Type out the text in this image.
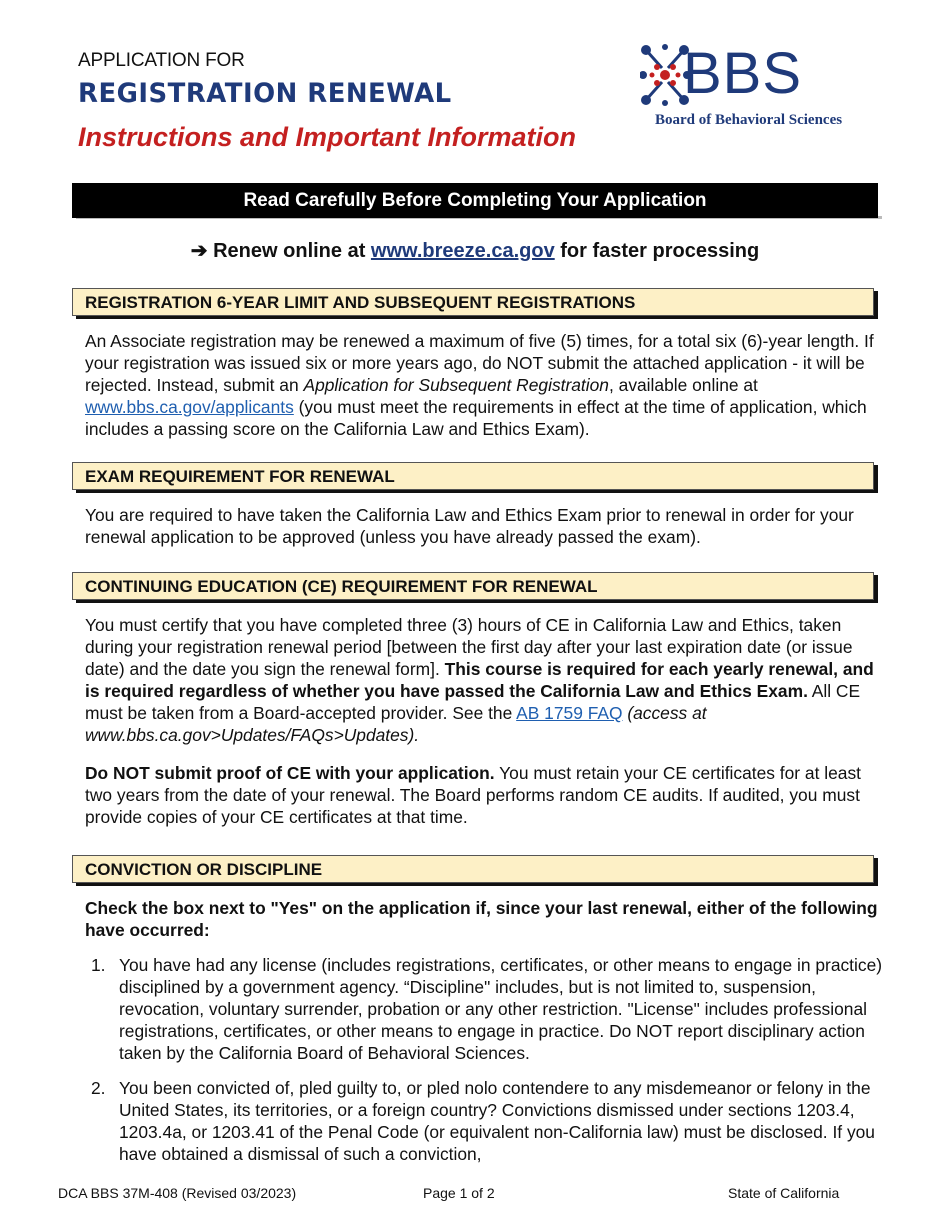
APPLICATION FOR
REGISTRATION RENEWAL
Instructions and Important Information
BBS
Board of Behavioral Sciences
Read Carefully Before Completing Your Application
➔ Renew online at www.breeze.ca.gov for faster processing
REGISTRATION 6-YEAR LIMIT AND SUBSEQUENT REGISTRATIONS
An Associate registration may be renewed a maximum of five (5) times, for a total six (6)-year length. If your registration was issued six or more years ago, do NOT submit the attached application - it will be rejected. Instead, submit an Application for Subsequent Registration, available online at www.bbs.ca.gov/applicants (you must meet the requirements in effect at the time of application, which includes a passing score on the California Law and Ethics Exam).
EXAM REQUIREMENT FOR RENEWAL
You are required to have taken the California Law and Ethics Exam prior to renewal in order for your renewal application to be approved (unless you have already passed the exam).
CONTINUING EDUCATION (CE) REQUIREMENT FOR RENEWAL
You must certify that you have completed three (3) hours of CE in California Law and Ethics, taken during your registration renewal period [between the first day after your last expiration date (or issue date) and the date you sign the renewal form]. This course is required for each yearly renewal, and is required regardless of whether you have passed the California Law and Ethics Exam. All CE must be taken from a Board-accepted provider. See the AB 1759 FAQ (access at www.bbs.ca.gov>Updates/FAQs>Updates).
Do NOT submit proof of CE with your application. You must retain your CE certificates for at least two years from the date of your renewal. The Board performs random CE audits. If audited, you must provide copies of your CE certificates at that time.
CONVICTION OR DISCIPLINE
Check the box next to "Yes" on the application if, since your last renewal, either of the following have occurred:
1. You have had any license (includes registrations, certificates, or other means to engage in practice) disciplined by a government agency. “Discipline" includes, but is not limited to, suspension, revocation, voluntary surrender, probation or any other restriction. "License" includes professional registrations, certificates, or other means to engage in practice. Do NOT report disciplinary action taken by the California Board of Behavioral Sciences.
2. You been convicted of, pled guilty to, or pled nolo contendere to any misdemeanor or felony in the United States, its territories, or a foreign country? Convictions dismissed under sections 1203.4, 1203.4a, or 1203.41 of the Penal Code (or equivalent non-California law) must be disclosed. If you have obtained a dismissal of such a conviction,
DCA BBS 37M-408 (Revised 03/2023)	Page 1 of 2	State of California
